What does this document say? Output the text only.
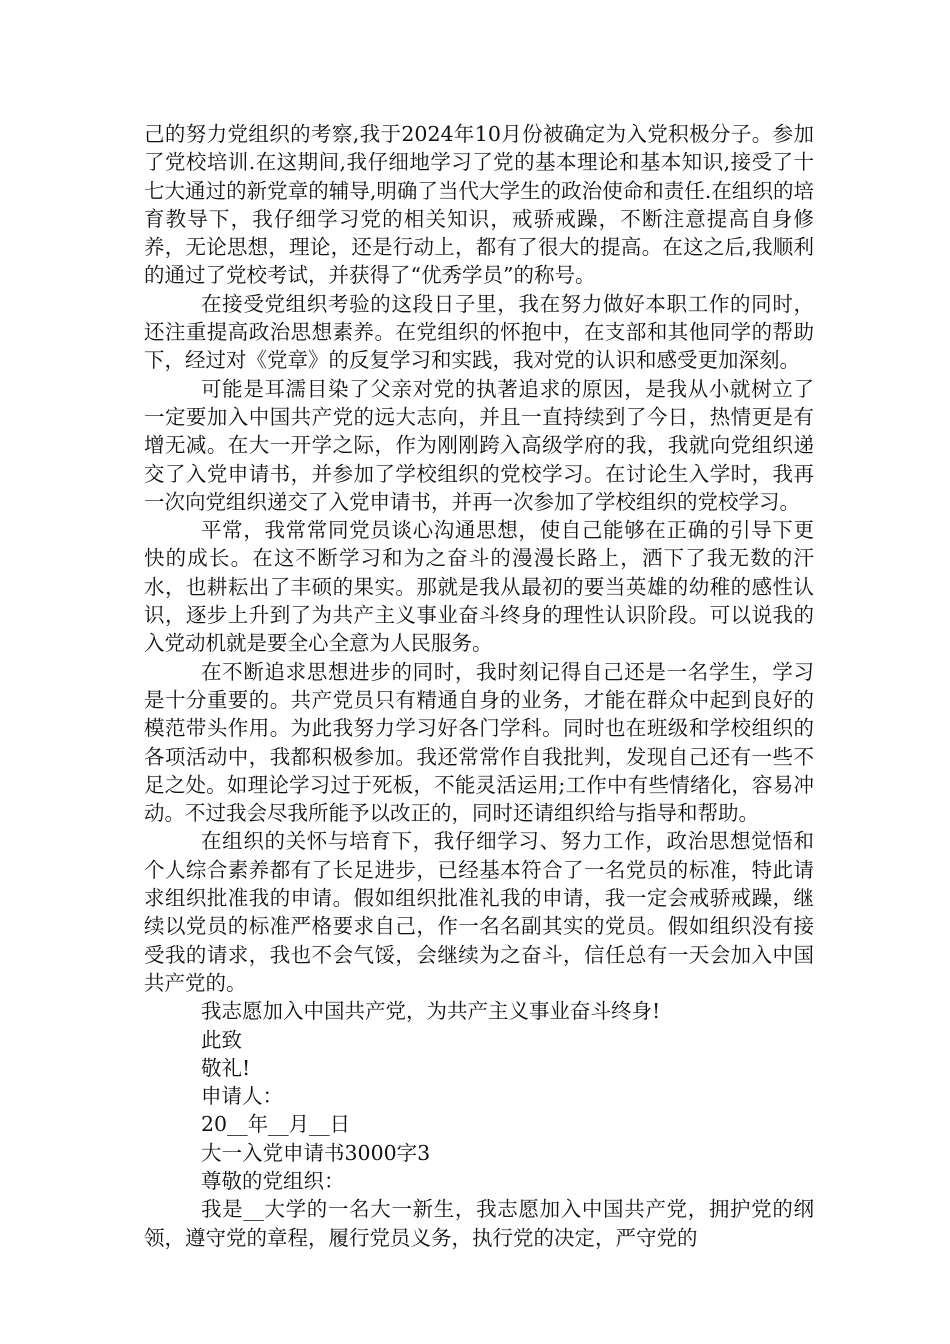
己的努力党组织的考察,我于2024年10月份被确定为入党积极分子。参加了党校培训.在这期间,我仔细地学习了党的基本理论和基本知识,接受了十七大通过的新党章的辅导,明确了当代大学生的政治使命和责任.在组织的培育教导下，我仔细学习党的相关知识，戒骄戒躁，不断注意提高自身修养，无论思想，理论，还是行动上，都有了很大的提高。在这之后,我顺利的通过了党校考试，并获得了“优秀学员”的称号。

在接受党组织考验的这段日子里，我在努力做好本职工作的同时，还注重提高政治思想素养。在党组织的怀抱中，在支部和其他同学的帮助下，经过对《党章》的反复学习和实践，我对党的认识和感受更加深刻。

可能是耳濡目染了父亲对党的执著追求的原因，是我从小就树立了一定要加入中国共产党的远大志向，并且一直持续到了今日，热情更是有增无减。在大一开学之际，作为刚刚跨入高级学府的我，我就向党组织递交了入党申请书，并参加了学校组织的党校学习。在讨论生入学时，我再一次向党组织递交了入党申请书，并再一次参加了学校组织的党校学习。

平常，我常常同党员谈心沟通思想，使自己能够在正确的引导下更快的成长。在这不断学习和为之奋斗的漫漫长路上，洒下了我无数的汗水，也耕耘出了丰硕的果实。那就是我从最初的要当英雄的幼稚的感性认识，逐步上升到了为共产主义事业奋斗终身的理性认识阶段。可以说我的入党动机就是要全心全意为人民服务。

在不断追求思想进步的同时，我时刻记得自己还是一名学生，学习是十分重要的。共产党员只有精通自身的业务，才能在群众中起到良好的模范带头作用。为此我努力学习好各门学科。同时也在班级和学校组织的各项活动中，我都积极参加。我还常常作自我批判，发现自己还有一些不足之处。如理论学习过于死板，不能灵活运用;工作中有些情绪化，容易冲动。不过我会尽我所能予以改正的，同时还请组织给与指导和帮助。

在组织的关怀与培育下，我仔细学习、努力工作，政治思想觉悟和个人综合素养都有了长足进步，已经基本符合了一名党员的标准，特此请求组织批准我的申请。假如组织批准礼我的申请，我一定会戒骄戒躁，继续以党员的标准严格要求自己，作一名名副其实的党员。假如组织没有接受我的请求，我也不会气馁，会继续为之奋斗，信任总有一天会加入中国共产党的。

我志愿加入中国共产党，为共产主义事业奋斗终身!

此致

敬礼!

申请人：

20__年__月__日

大一入党申请书3000字3

尊敬的党组织：

我是__大学的一名大一新生，我志愿加入中国共产党，拥护党的纲领，遵守党的章程，履行党员义务，执行党的决定，严守党的
